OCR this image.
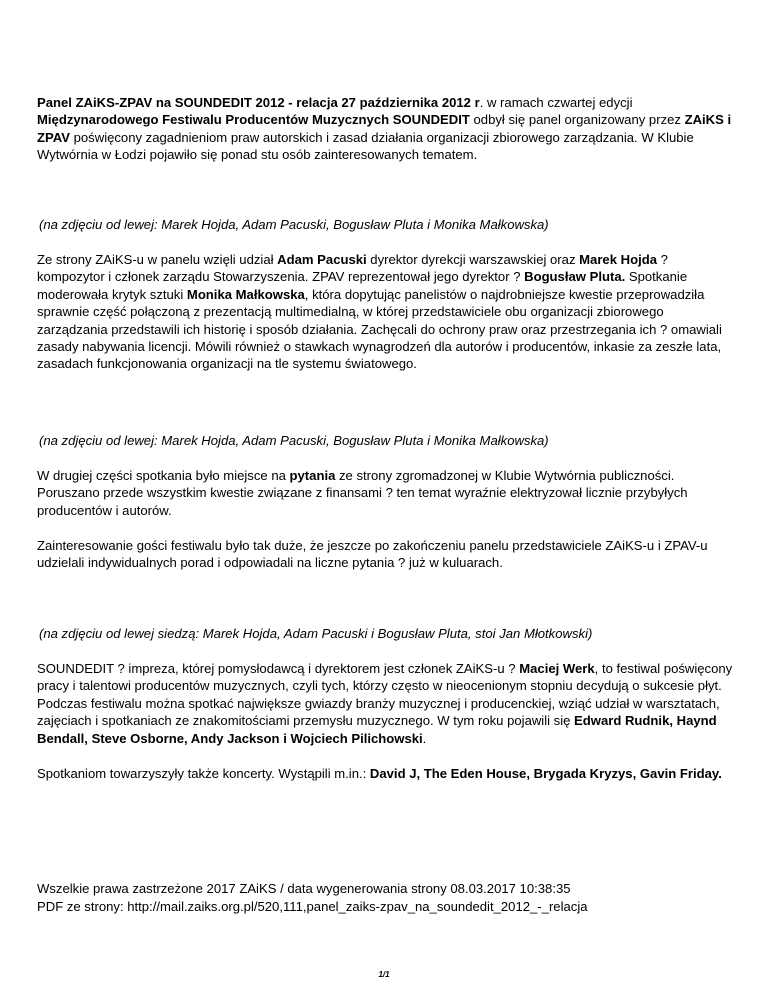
Panel ZAiKS-ZPAV na SOUNDEDIT 2012 - relacja 27 października 2012 r. w ramach czwartej edycji Międzynarodowego Festiwalu Producentów Muzycznych SOUNDEDIT odbył się panel organizowany przez ZAiKS i ZPAV poświęcony zagadnieniom praw autorskich i zasad działania organizacji zbiorowego zarządzania. W Klubie Wytwórnia w Łodzi pojawiło się ponad stu osób zainteresowanych tematem.

(na zdjęciu od lewej: Marek Hojda, Adam Pacuski, Bogusław Pluta i Monika Małkowska)

Ze strony ZAiKS-u w panelu wzięli udział Adam Pacuski dyrektor dyrekcji warszawskiej oraz Marek Hojda ? kompozytor i członek zarządu Stowarzyszenia. ZPAV reprezentował jego dyrektor ? Bogusław Pluta. Spotkanie moderowała krytyk sztuki Monika Małkowska, która dopytując panelistów o najdrobniejsze kwestie przeprowadziła sprawnie część połączoną z prezentacją multimedialną, w której przedstawiciele obu organizacji zbiorowego zarządzania przedstawili ich historię i sposób działania. Zachęcali do ochrony praw oraz przestrzegania ich ? omawiali zasady nabywania licencji. Mówili również o stawkach wynagrodzeń dla autorów i producentów, inkasie za zeszłe lata, zasadach funkcjonowania organizacji na tle systemu światowego.

(na zdjęciu od lewej: Marek Hojda, Adam Pacuski, Bogusław Pluta i Monika Małkowska)

W drugiej części spotkania było miejsce na pytania ze strony zgromadzonej w Klubie Wytwórnia publiczności. Poruszano przede wszystkim kwestie związane z finansami ? ten temat wyraźnie elektryzował licznie przybyłych producentów i autorów.

Zainteresowanie gości festiwalu było tak duże, że jeszcze po zakończeniu panelu przedstawiciele ZAiKS-u i ZPAV-u udzielali indywidualnych porad i odpowiadali na liczne pytania ? już w kuluarach.

(na zdjęciu od lewej siedzą: Marek Hojda, Adam Pacuski i Bogusław Pluta, stoi Jan Młotkowski)

SOUNDEDIT ? impreza, której pomysłodawcą i dyrektorem jest członek ZAiKS-u ? Maciej Werk, to festiwal poświęcony pracy i talentowi producentów muzycznych, czyli tych, którzy często w nieocenionym stopniu decydują o sukcesie płyt. Podczas festiwalu można spotkać największe gwiazdy branży muzycznej i producenckiej, wziąć udział w warsztatach, zajęciach i spotkaniach ze znakomitościami przemysłu muzycznego. W tym roku pojawili się Edward Rudnik, Haynd Bendall, Steve Osborne, Andy Jackson i Wojciech Pilichowski.

Spotkaniom towarzyszyły także koncerty. Wystąpili m.in.: David J, The Eden House, Brygada Kryzys, Gavin Friday.

Wszelkie prawa zastrzeżone 2017 ZAiKS / data wygenerowania strony 08.03.2017 10:38:35

PDF ze strony: http://mail.zaiks.org.pl/520,111,panel_zaiks-zpav_na_soundedit_2012_-_relacja

1/1
